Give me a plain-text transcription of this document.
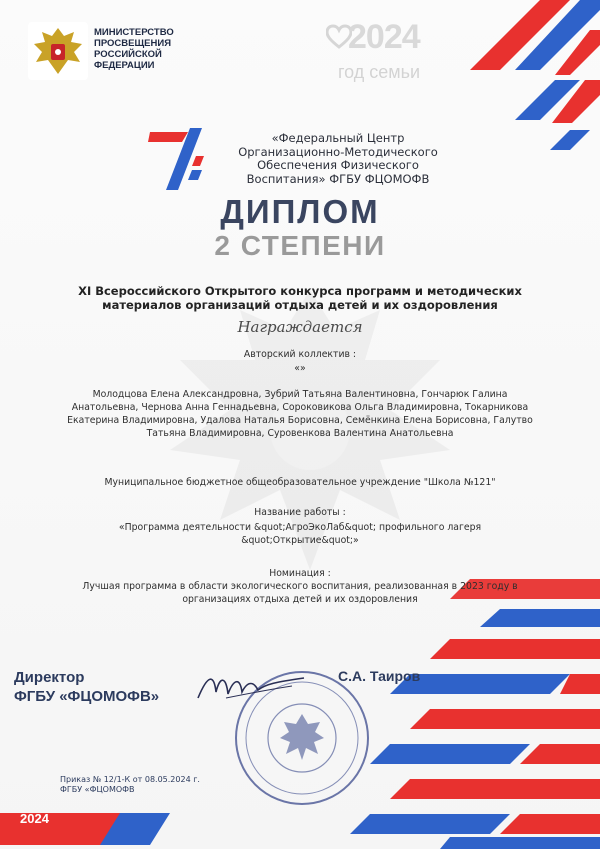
2024
МИНИСТЕРСТВО
ПРОСВЕЩЕНИЯ
РОССИЙСКОЙ
ФЕДЕРАЦИИ
2024
год семьи
«Федеральный Центр
Организационно-Методического
Обеспечения Физического
Воспитания» ФГБУ ФЦОМОФВ
ДИПЛОМ
2 СТЕПЕНИ
XI Всероссийского Открытого конкурса программ и методических материалов организаций отдыха детей и их оздоровления
Награждается
Авторский коллектив :
«»
Молодцова Елена Александровна, Зубрий Татьяна Валентиновна, Гончарюк Галина Анатольевна, Чернова Анна Геннадьевна, Сороковикова Ольга Владимировна, Токарникова Екатерина Владимировна, Удалова Наталья Борисовна, Семёнкина Елена Борисовна, Галутво Татьяна Владимировна, Суровенкова Валентина Анатольевна
Муниципальное бюджетное общеобразовательное учреждение "Школа №121"
Название работы :
«Программа деятельности &quot;АгроЭкоЛаб&quot; профильного лагеря &quot;Открытие&quot;»
Номинация :
Лучшая программа в области экологического воспитания, реализованная в 2023 году в организациях отдыха детей и их оздоровления
Директор
ФГБУ «ФЦОМОФВ»
С.А. Таиров
Приказ № 12/1-К от 08.05.2024 г.
ФГБУ «ФЦОМОФВ
